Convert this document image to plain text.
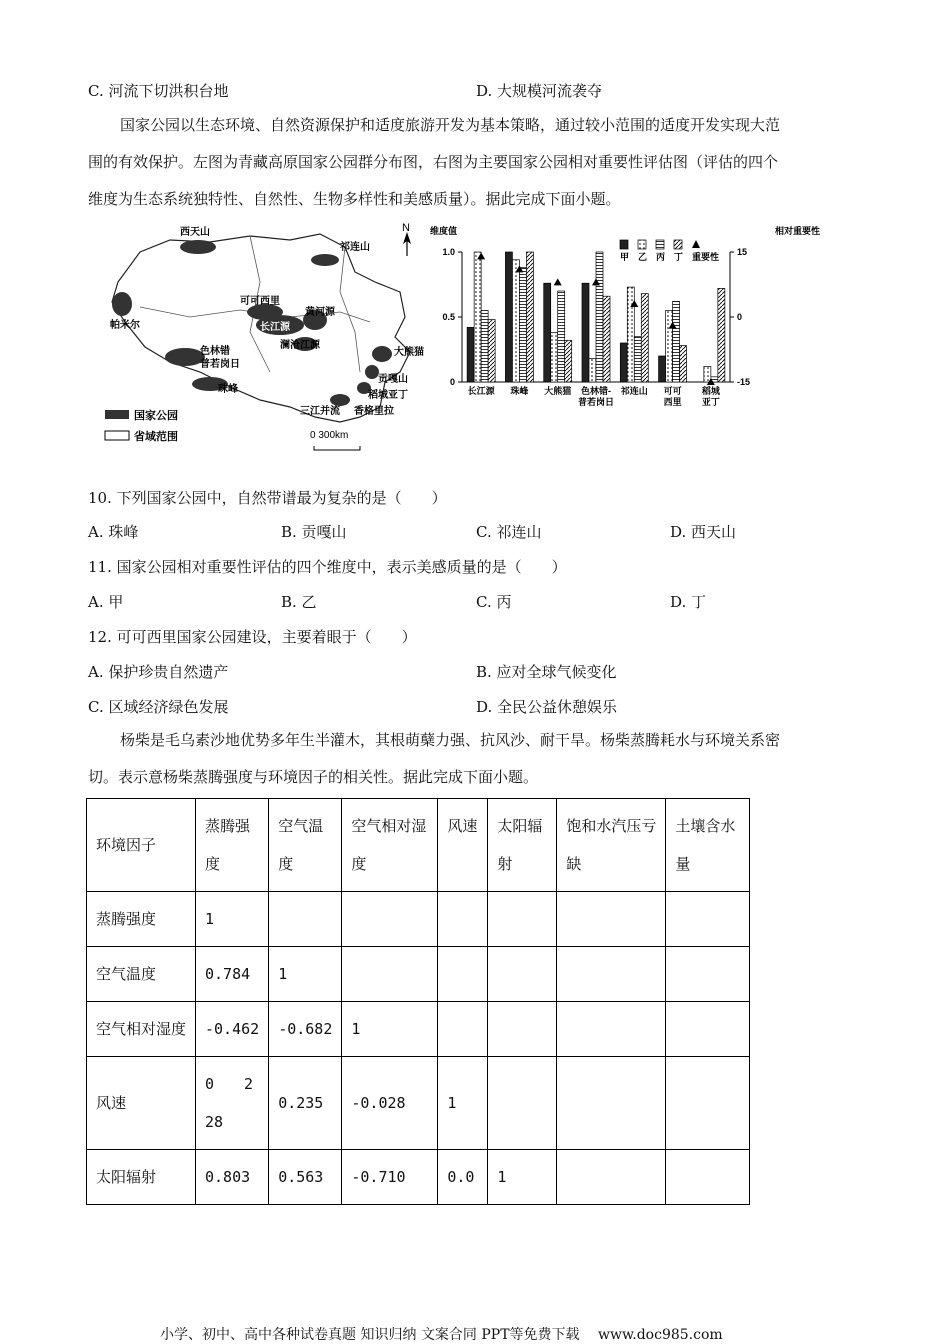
C. 河流下切洪积台地	D. 大规模河流袭夺
国家公园以生态环境、自然资源保护和适度旅游开发为基本策略，通过较小范围的适度开发实现大范
围的有效保护。左图为青藏高原国家公园群分布图，右图为主要国家公园相对重要性评估图（评估的四个
维度为生态系统独特性、自然性、生物多样性和美感质量）。据此完成下面小题。
N
西天山
祁连山
帕米尔
可可西里
长江源
黄河源
色林错
普若岗日
澜沧江源
大熊猫
珠峰
贡嘎山
稻城亚丁
三江并流 香格里拉
国家公园
省域范围	0 300km
维度值	相对重要性
1.0
0.5
0
15
0
-15
甲 乙 丙 丁 重要性
长江源 珠峰 大熊猫 色林错-
普若岗日
祁连山 可可
西里
稻城
亚丁
10. 下列国家公园中，自然带谱最为复杂的是（　　）
A. 珠峰	B. 贡嘎山	C. 祁连山	D. 西天山
11. 国家公园相对重要性评估的四个维度中，表示美感质量的是（　　）
A. 甲	B. 乙	C. 丙	D. 丁
12. 可可西里国家公园建设，主要着眼于（　　）
A. 保护珍贵自然遗产	B. 应对全球气候变化
C. 区域经济绿色发展	D. 全民公益休憩娱乐
杨柴是毛乌素沙地优势多年生半灌木，其根萌蘖力强、抗风沙、耐干旱。杨柴蒸腾耗水与环境关系密
切。表示意杨柴蒸腾强度与环境因子的相关性。据此完成下面小题。
环境因子	蒸腾强度	空气温度	空气相对湿度	风速	太阳辐射	饱和水汽压亏缺	土壤含水量
蒸腾强度	1						
空气温度	0.784	1					
空气相对湿度	-0.462	-0.682	1				
风速	0　　228	0.235	-0.028	1			
太阳辐射	0.803	0.563	-0.710	0.0	1		
小学、初中、高中各种试卷真题 知识归纳 文案合同 PPT等免费下载　 www.doc985.com
